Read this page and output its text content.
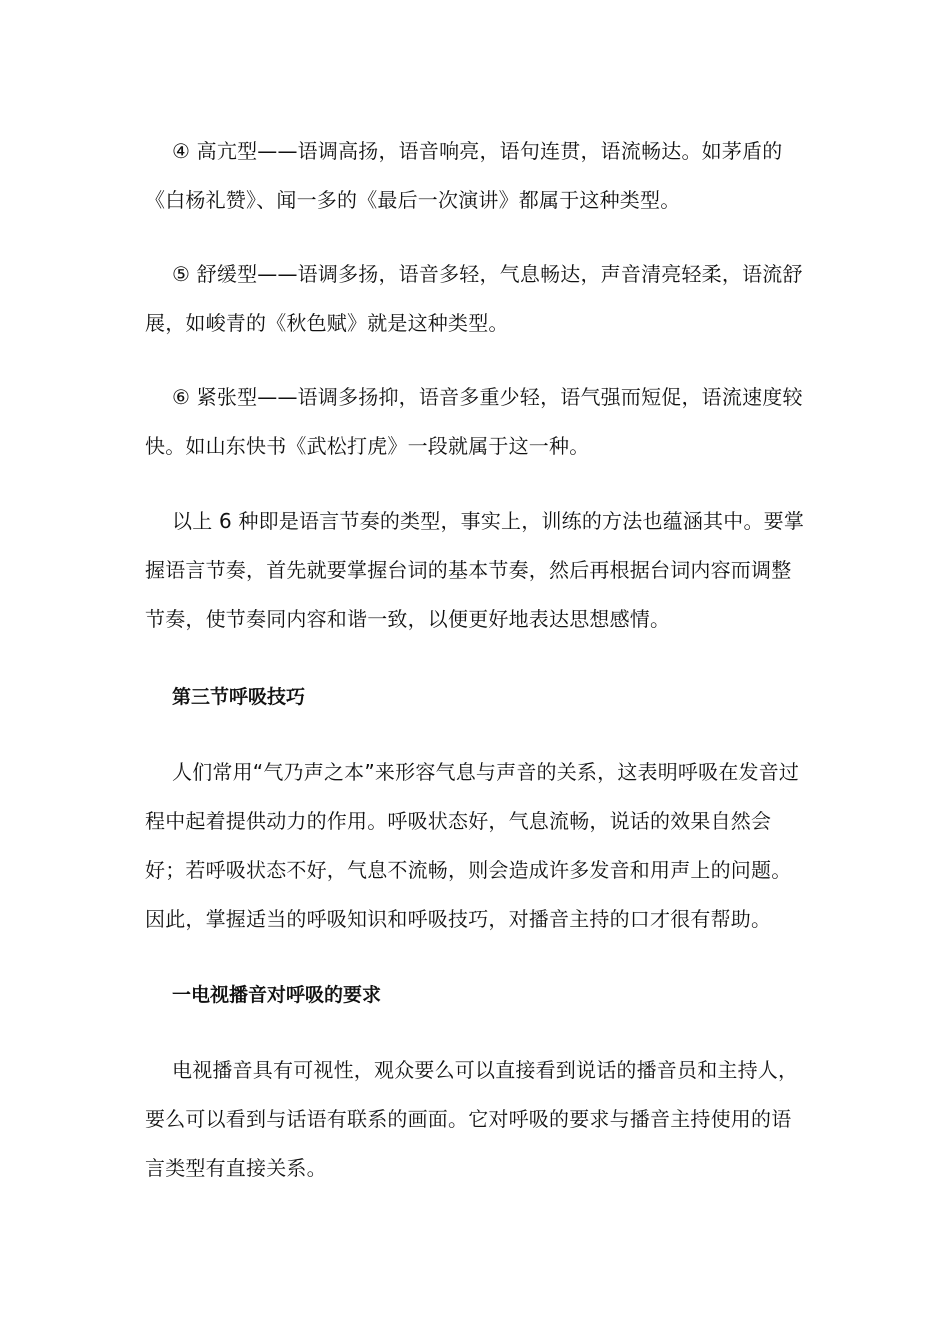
④ 高亢型——语调高扬，语音响亮，语句连贯，语流畅达。如茅盾的《白杨礼赞》、闻一多的《最后一次演讲》都属于这种类型。

⑤ 舒缓型——语调多扬，语音多轻，气息畅达，声音清亮轻柔，语流舒展，如峻青的《秋色赋》就是这种类型。

⑥ 紧张型——语调多扬抑，语音多重少轻，语气强而短促，语流速度较快。如山东快书《武松打虎》一段就属于这一种。

以上 6 种即是语言节奏的类型，事实上，训练的方法也蕴涵其中。要掌握语言节奏，首先就要掌握台词的基本节奏，然后再根据台词内容而调整节奏，使节奏同内容和谐一致，以便更好地表达思想感情。

第三节呼吸技巧

人们常用“气乃声之本”来形容气息与声音的关系，这表明呼吸在发音过程中起着提供动力的作用。呼吸状态好，气息流畅，说话的效果自然会好；若呼吸状态不好，气息不流畅，则会造成许多发音和用声上的问题。因此，掌握适当的呼吸知识和呼吸技巧，对播音主持的口才很有帮助。

一电视播音对呼吸的要求

电视播音具有可视性，观众要么可以直接看到说话的播音员和主持人，要么可以看到与话语有联系的画面。它对呼吸的要求与播音主持使用的语言类型有直接关系。
